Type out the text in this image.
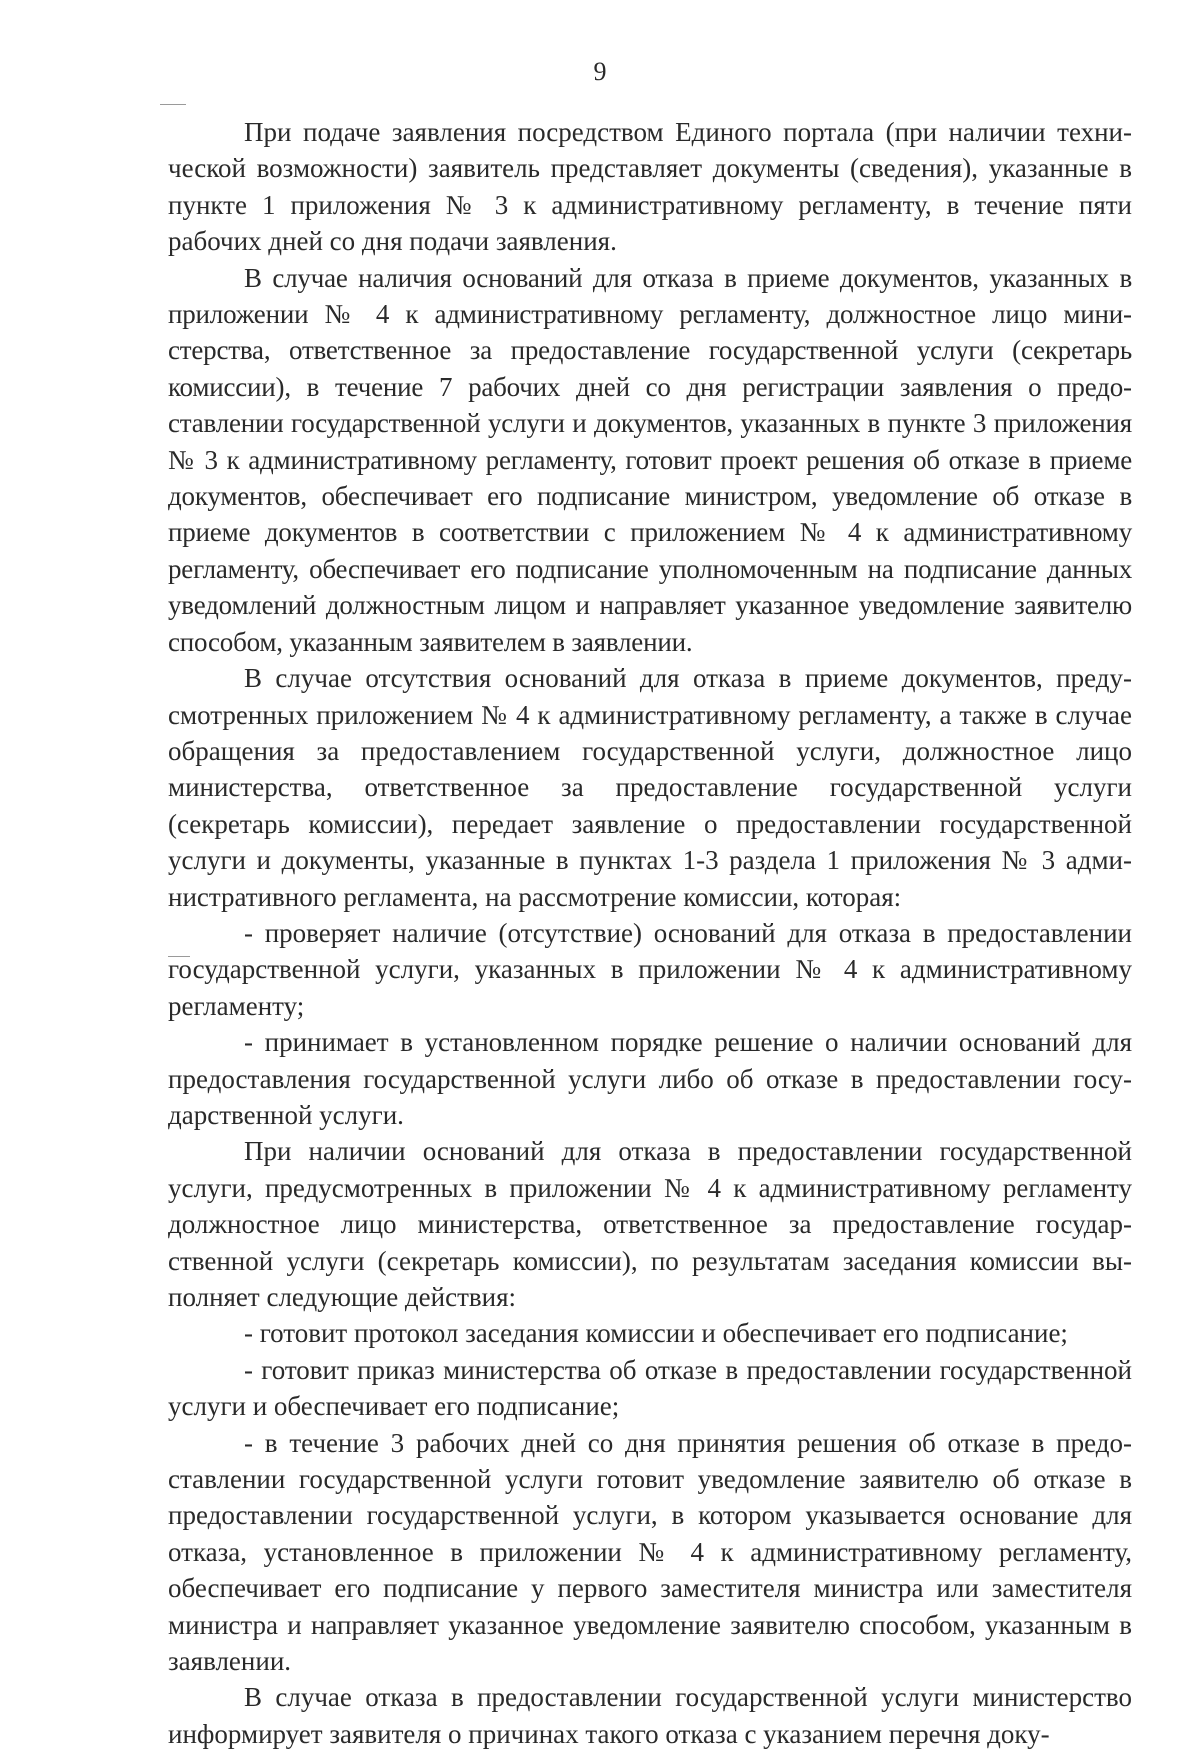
9

При подаче заявления посредством Единого портала (при наличии технической возможности) заявитель представляет документы (сведения), указанные в пункте 1 приложения № 3 к административному регламенту, в течение пяти рабочих дней со дня подачи заявления.

В случае наличия оснований для отказа в приеме документов, указанных в приложении № 4 к административному регламенту, должностное лицо министерства, ответственное за предоставление государственной услуги (секретарь комиссии), в течение 7 рабочих дней со дня регистрации заявления о предоставлении государственной услуги и документов, указанных в пункте 3 приложения № 3 к административному регламенту, готовит проект решения об отказе в приеме документов, обеспечивает его подписание министром, уведомление об отказе в приеме документов в соответствии с приложением № 4 к административному регламенту, обеспечивает его подписание уполномоченным на подписание данных уведомлений должностным лицом и направляет указанное уведомление заявителю способом, указанным заявителем в заявлении.

В случае отсутствия оснований для отказа в приеме документов, предусмотренных приложением № 4 к административному регламенту, а также в случае обращения за предоставлением государственной услуги, должностное лицо министерства, ответственное за предоставление государственной услуги (секретарь комиссии), передает заявление о предоставлении государственной услуги и документы, указанные в пунктах 1-3 раздела 1 приложения № 3 административного регламента, на рассмотрение комиссии, которая:

- проверяет наличие (отсутствие) оснований для отказа в предоставлении государственной услуги, указанных в приложении № 4 к административному регламенту;

- принимает в установленном порядке решение о наличии оснований для предоставления государственной услуги либо об отказе в предоставлении государственной услуги.

При наличии оснований для отказа в предоставлении государственной услуги, предусмотренных в приложении № 4 к административному регламенту должностное лицо министерства, ответственное за предоставление государственной услуги (секретарь комиссии), по результатам заседания комиссии выполняет следующие действия:

- готовит протокол заседания комиссии и обеспечивает его подписание;

- готовит приказ министерства об отказе в предоставлении государственной услуги и обеспечивает его подписание;

- в течение 3 рабочих дней со дня принятия решения об отказе в предоставлении государственной услуги готовит уведомление заявителю об отказе в предоставлении государственной услуги, в котором указывается основание для отказа, установленное в приложении № 4 к административному регламенту, обеспечивает его подписание у первого заместителя министра или заместителя министра и направляет указанное уведомление заявителю способом, указанным в заявлении.

В случае отказа в предоставлении государственной услуги министерство информирует заявителя о причинах такого отказа с указанием перечня доку-
